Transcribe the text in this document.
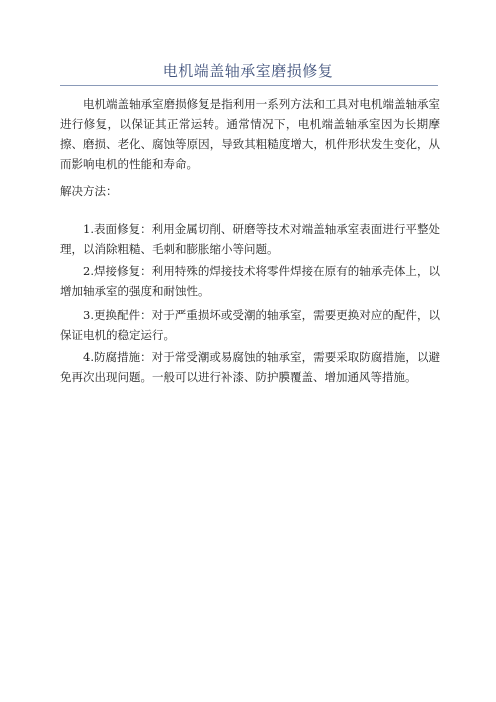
电机端盖轴承室磨损修复

电机端盖轴承室磨损修复是指利用一系列方法和工具对电机端盖轴承室进行修复，以保证其正常运转。通常情况下，电机端盖轴承室因为长期摩擦、磨损、老化、腐蚀等原因，导致其粗糙度增大，机件形状发生变化，从而影响电机的性能和寿命。

解决方法：

1.表面修复：利用金属切削、研磨等技术对端盖轴承室表面进行平整处理，以消除粗糙、毛刺和膨胀缩小等问题。

2.焊接修复：利用特殊的焊接技术将零件焊接在原有的轴承壳体上，以增加轴承室的强度和耐蚀性。

3.更换配件：对于严重损坏或受潮的轴承室，需要更换对应的配件，以保证电机的稳定运行。

4.防腐措施：对于常受潮或易腐蚀的轴承室，需要采取防腐措施，以避免再次出现问题。一般可以进行补漆、防护膜覆盖、增加通风等措施。
